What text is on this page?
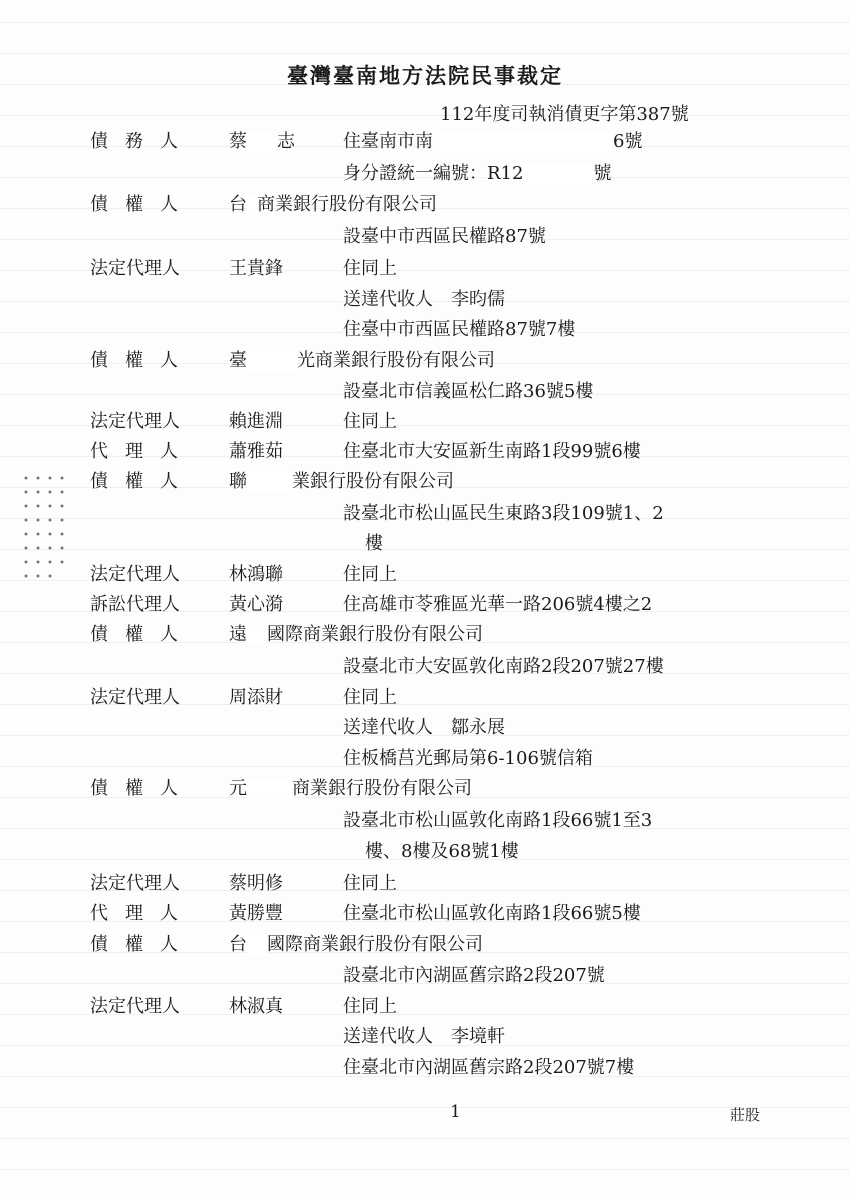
臺灣臺南地方法院民事裁定
112年度司執消債更字第387號
債務人 蔡 志	住臺南市南	6號
身分證統一編號：R12	號
債權人 台 商業銀行股份有限公司
設臺中市西區民權路87號
法定代理人	王貴鋒	住同上
送達代收人　李昀儒
住臺中市西區民權路87號7樓
債權人 臺	光商業銀行股份有限公司
設臺北市信義區松仁路36號5樓
法定代理人	賴進淵	住同上
代理人 蕭雅茹	住臺北市大安區新生南路1段99號6樓
債權人 聯	業銀行股份有限公司
設臺北市松山區民生東路3段109號1、2
樓
法定代理人	林鴻聯	住同上
訴訟代理人	黃心漪	住高雄市苓雅區光華一路206號4樓之2
債權人 遠 國際商業銀行股份有限公司
設臺北市大安區敦化南路2段207號27樓
法定代理人	周添財	住同上
送達代收人　鄒永展
住板橋莒光郵局第6-106號信箱
債權人 元	商業銀行股份有限公司
設臺北市松山區敦化南路1段66號1至3
樓、8樓及68號1樓
法定代理人	蔡明修	住同上
代理人 黃勝豐	住臺北市松山區敦化南路1段66號5樓
債權人 台 國際商業銀行股份有限公司
設臺北市內湖區舊宗路2段207號
法定代理人	林淑真	住同上
送達代收人　李境軒
住臺北市內湖區舊宗路2段207號7樓
1	莊股
